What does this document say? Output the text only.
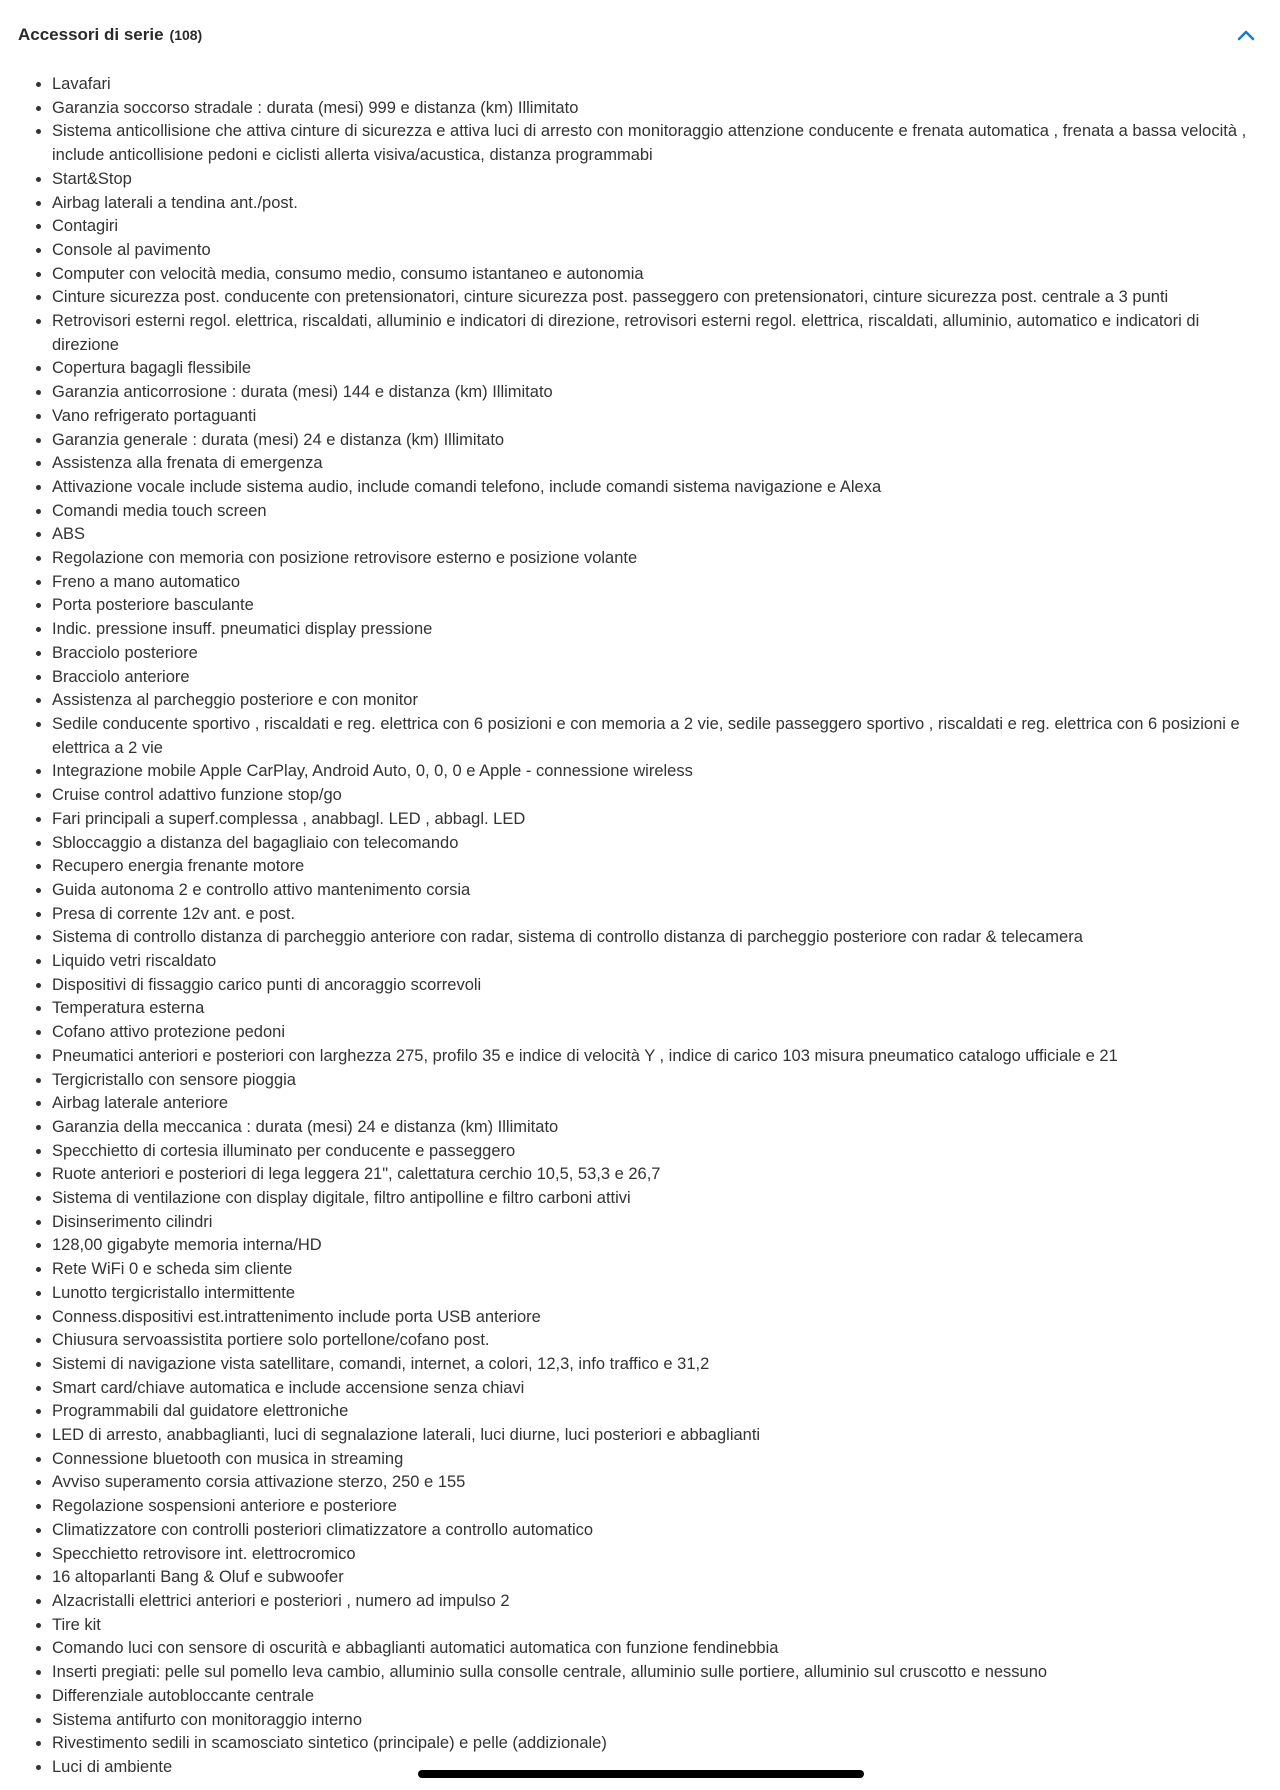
Accessori di serie (108)
• Lavafari
• Garanzia soccorso stradale : durata (mesi) 999 e distanza (km) Illimitato
• Sistema anticollisione che attiva cinture di sicurezza e attiva luci di arresto con monitoraggio attenzione conducente e frenata automatica , frenata a bassa velocità , include anticollisione pedoni e ciclisti allerta visiva/acustica, distanza programmabi
• Start&Stop
• Airbag laterali a tendina ant./post.
• Contagiri
• Console al pavimento
• Computer con velocità media, consumo medio, consumo istantaneo e autonomia
• Cinture sicurezza post. conducente con pretensionatori, cinture sicurezza post. passeggero con pretensionatori, cinture sicurezza post. centrale a 3 punti
• Retrovisori esterni regol. elettrica, riscaldati, alluminio e indicatori di direzione, retrovisori esterni regol. elettrica, riscaldati, alluminio, automatico e indicatori di direzione
• Copertura bagagli flessibile
• Garanzia anticorrosione : durata (mesi) 144 e distanza (km) Illimitato
• Vano refrigerato portaguanti
• Garanzia generale : durata (mesi) 24 e distanza (km) Illimitato
• Assistenza alla frenata di emergenza
• Attivazione vocale include sistema audio, include comandi telefono, include comandi sistema navigazione e Alexa
• Comandi media touch screen
• ABS
• Regolazione con memoria con posizione retrovisore esterno e posizione volante
• Freno a mano automatico
• Porta posteriore basculante
• Indic. pressione insuff. pneumatici display pressione
• Bracciolo posteriore
• Bracciolo anteriore
• Assistenza al parcheggio posteriore e con monitor
• Sedile conducente sportivo , riscaldati e reg. elettrica con 6 posizioni e con memoria a 2 vie, sedile passeggero sportivo , riscaldati e reg. elettrica con 6 posizioni e elettrica a 2 vie
• Integrazione mobile Apple CarPlay, Android Auto, 0, 0, 0 e Apple - connessione wireless
• Cruise control adattivo funzione stop/go
• Fari principali a superf.complessa , anabbagl. LED , abbagl. LED
• Sbloccaggio a distanza del bagagliaio con telecomando
• Recupero energia frenante motore
• Guida autonoma 2 e controllo attivo mantenimento corsia
• Presa di corrente 12v ant. e post.
• Sistema di controllo distanza di parcheggio anteriore con radar, sistema di controllo distanza di parcheggio posteriore con radar & telecamera
• Liquido vetri riscaldato
• Dispositivi di fissaggio carico punti di ancoraggio scorrevoli
• Temperatura esterna
• Cofano attivo protezione pedoni
• Pneumatici anteriori e posteriori con larghezza 275, profilo 35 e indice di velocità Y , indice di carico 103 misura pneumatico catalogo ufficiale e 21
• Tergicristallo con sensore pioggia
• Airbag laterale anteriore
• Garanzia della meccanica : durata (mesi) 24 e distanza (km) Illimitato
• Specchietto di cortesia illuminato per conducente e passeggero
• Ruote anteriori e posteriori di lega leggera 21", calettatura cerchio 10,5, 53,3 e 26,7
• Sistema di ventilazione con display digitale, filtro antipolline e filtro carboni attivi
• Disinserimento cilindri
• 128,00 gigabyte memoria interna/HD
• Rete WiFi 0 e scheda sim cliente
• Lunotto tergicristallo intermittente
• Conness.dispositivi est.intrattenimento include porta USB anteriore
• Chiusura servoassistita portiere solo portellone/cofano post.
• Sistemi di navigazione vista satellitare, comandi, internet, a colori, 12,3, info traffico e 31,2
• Smart card/chiave automatica e include accensione senza chiavi
• Programmabili dal guidatore elettroniche
• LED di arresto, anabbaglianti, luci di segnalazione laterali, luci diurne, luci posteriori e abbaglianti
• Connessione bluetooth con musica in streaming
• Avviso superamento corsia attivazione sterzo, 250 e 155
• Regolazione sospensioni anteriore e posteriore
• Climatizzatore con controlli posteriori climatizzatore a controllo automatico
• Specchietto retrovisore int. elettrocromico
• 16 altoparlanti Bang & Oluf e subwoofer
• Alzacristalli elettrici anteriori e posteriori , numero ad impulso 2
• Tire kit
• Comando luci con sensore di oscurità e abbaglianti automatici automatica con funzione fendinebbia
• Inserti pregiati: pelle sul pomello leva cambio, alluminio sulla consolle centrale, alluminio sulle portiere, alluminio sul cruscotto e nessuno
• Differenziale autobloccante centrale
• Sistema antifurto con monitoraggio interno
• Rivestimento sedili in scamosciato sintetico (principale) e pelle (addizionale)
• Luci di ambiente
